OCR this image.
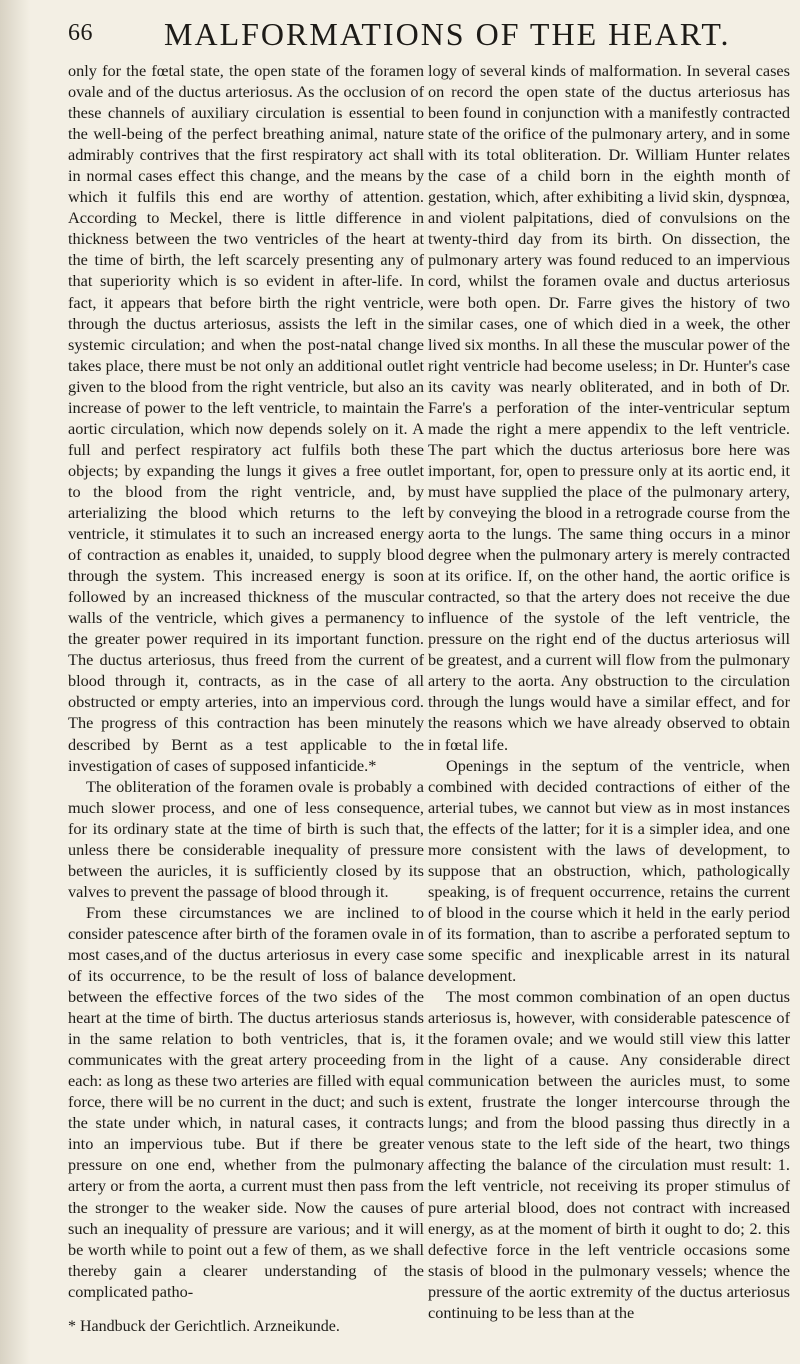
66 MALFORMATIONS OF THE HEART.

only for the fœtal state, the open state of the foramen ovale and of the ductus arteriosus. As the occlusion of these channels of auxiliary circulation is essential to the well-being of the perfect breathing animal, nature admirably contrives that the first respiratory act shall in normal cases effect this change, and the means by which it fulfils this end are worthy of attention. According to Meckel, there is little difference in thickness between the two ventricles of the heart at the time of birth, the left scarcely presenting any of that superiority which is so evident in after-life. In fact, it appears that before birth the right ventricle, through the ductus arteriosus, assists the left in the systemic circulation; and when the post-natal change takes place, there must be not only an additional outlet given to the blood from the right ventricle, but also an increase of power to the left ventricle, to maintain the aortic circulation, which now depends solely on it. A full and perfect respiratory act fulfils both these objects; by expanding the lungs it gives a free outlet to the blood from the right ventricle, and, by arterializing the blood which returns to the left ventricle, it stimulates it to such an increased energy of contraction as enables it, unaided, to supply blood through the system. This increased energy is soon followed by an increased thickness of the muscular walls of the ventricle, which gives a permanency to the greater power required in its important function. The ductus arteriosus, thus freed from the current of blood through it, contracts, as in the case of all obstructed or empty arteries, into an impervious cord. The progress of this contraction has been minutely described by Bernt as a test applicable to the investigation of cases of supposed infanticide.*

The obliteration of the foramen ovale is probably a much slower process, and one of less consequence, for its ordinary state at the time of birth is such that, unless there be considerable inequality of pressure between the auricles, it is sufficiently closed by its valves to prevent the passage of blood through it.

From these circumstances we are inclined to consider patescence after birth of the foramen ovale in most cases,and of the ductus arteriosus in every case of its occurrence, to be the result of loss of balance between the effective forces of the two sides of the heart at the time of birth. The ductus arteriosus stands in the same relation to both ventricles, that is, it communicates with the great artery proceeding from each: as long as these two arteries are filled with equal force, there will be no current in the duct; and such is the state under which, in natural cases, it contracts into an impervious tube. But if there be greater pressure on one end, whether from the pulmonary artery or from the aorta, a current must then pass from the stronger to the weaker side. Now the causes of such an inequality of pressure are various; and it will be worth while to point out a few of them, as we shall thereby gain a clearer understanding of the complicated patho-

* Handbuck der Gerichtlich. Arzneikunde.

logy of several kinds of malformation. In several cases on record the open state of the ductus arteriosus has been found in conjunction with a manifestly contracted state of the orifice of the pulmonary artery, and in some with its total obliteration. Dr. William Hunter relates the case of a child born in the eighth month of gestation, which, after exhibiting a livid skin, dyspnœa, and violent palpitations, died of convulsions on the twenty-third day from its birth. On dissection, the pulmonary artery was found reduced to an impervious cord, whilst the foramen ovale and ductus arteriosus were both open. Dr. Farre gives the history of two similar cases, one of which died in a week, the other lived six months. In all these the muscular power of the right ventricle had become useless; in Dr. Hunter's case its cavity was nearly obliterated, and in both of Dr. Farre's a perforation of the inter-ventricular septum made the right a mere appendix to the left ventricle. The part which the ductus arteriosus bore here was important, for, open to pressure only at its aortic end, it must have supplied the place of the pulmonary artery, by conveying the blood in a retrograde course from the aorta to the lungs. The same thing occurs in a minor degree when the pulmonary artery is merely contracted at its orifice. If, on the other hand, the aortic orifice is contracted, so that the artery does not receive the due influence of the systole of the left ventricle, the pressure on the right end of the ductus arteriosus will be greatest, and a current will flow from the pulmonary artery to the aorta. Any obstruction to the circulation through the lungs would have a similar effect, and for the reasons which we have already observed to obtain in fœtal life.

Openings in the septum of the ventricle, when combined with decided contractions of either of the arterial tubes, we cannot but view as in most instances the effects of the latter; for it is a simpler idea, and one more consistent with the laws of development, to suppose that an obstruction, which, pathologically speaking, is of frequent occurrence, retains the current of blood in the course which it held in the early period of its formation, than to ascribe a perforated septum to some specific and inexplicable arrest in its natural development.

The most common combination of an open ductus arteriosus is, however, with considerable patescence of the foramen ovale; and we would still view this latter in the light of a cause. Any considerable direct communication between the auricles must, to some extent, frustrate the longer intercourse through the lungs; and from the blood passing thus directly in a venous state to the left side of the heart, two things affecting the balance of the circulation must result: 1. the left ventricle, not receiving its proper stimulus of pure arterial blood, does not contract with increased energy, as at the moment of birth it ought to do; 2. this defective force in the left ventricle occasions some stasis of blood in the pulmonary vessels; whence the pressure of the aortic extremity of the ductus arteriosus continuing to be less than at the
